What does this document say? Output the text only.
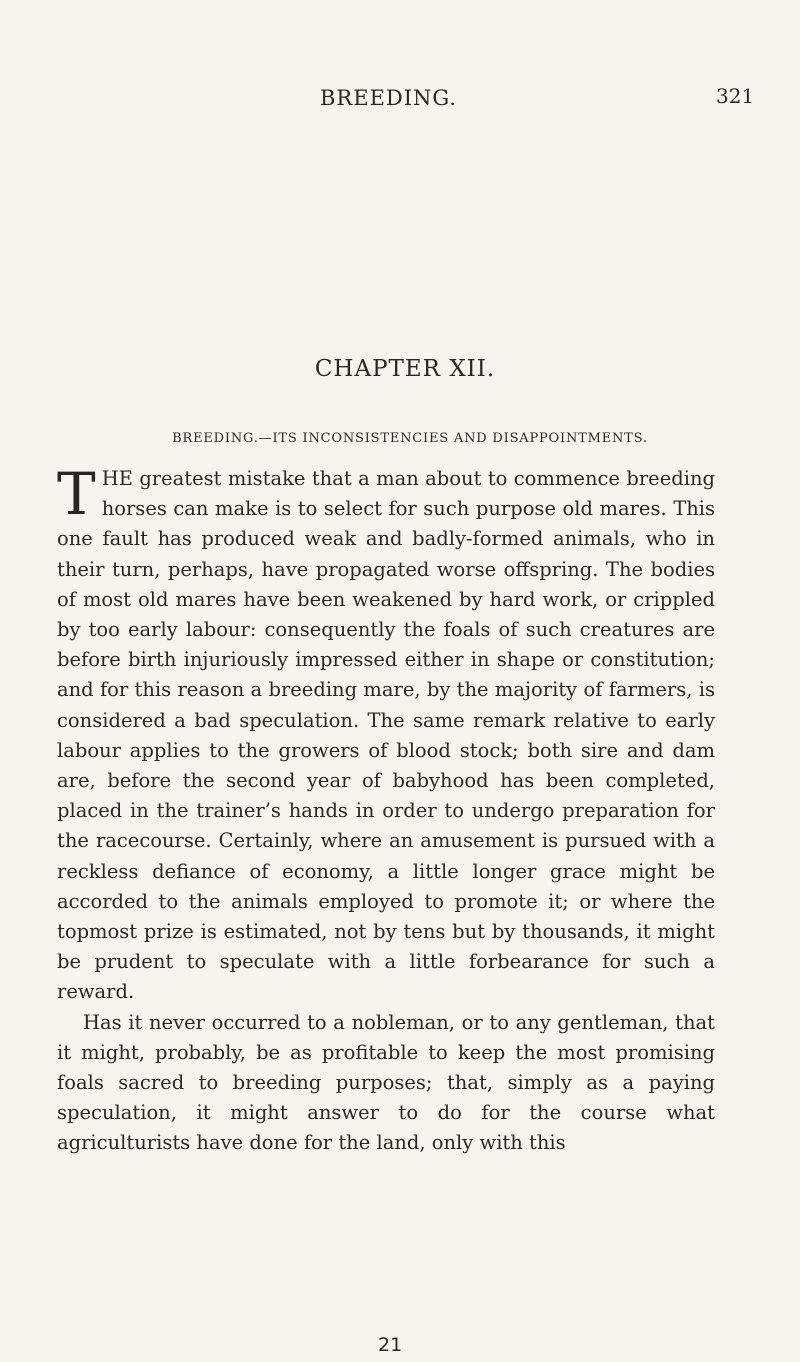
BREEDING.	321
CHAPTER XII.
BREEDING.—ITS INCONSISTENCIES AND DISAPPOINTMENTS.

THE greatest mistake that a man about to commence breeding horses can make is to select for such purpose old mares. This one fault has produced weak and badly-formed animals, who in their turn, perhaps, have propagated worse offspring. The bodies of most old mares have been weakened by hard work, or crippled by too early labour: consequently the foals of such creatures are before birth injuriously impressed either in shape or constitution; and for this reason a breeding mare, by the majority of farmers, is considered a bad speculation. The same remark relative to early labour applies to the growers of blood stock; both sire and dam are, before the second year of babyhood has been completed, placed in the trainer’s hands in order to undergo preparation for the racecourse. Certainly, where an amusement is pursued with a reckless defiance of economy, a little longer grace might be accorded to the animals employed to promote it; or where the topmost prize is estimated, not by tens but by thousands, it might be prudent to speculate with a little forbearance for such a reward.

Has it never occurred to a nobleman, or to any gentleman, that it might, probably, be as profitable to keep the most promising foals sacred to breeding purposes; that, simply as a paying speculation, it might answer to do for the course what agriculturists have done for the land, only with this

21
